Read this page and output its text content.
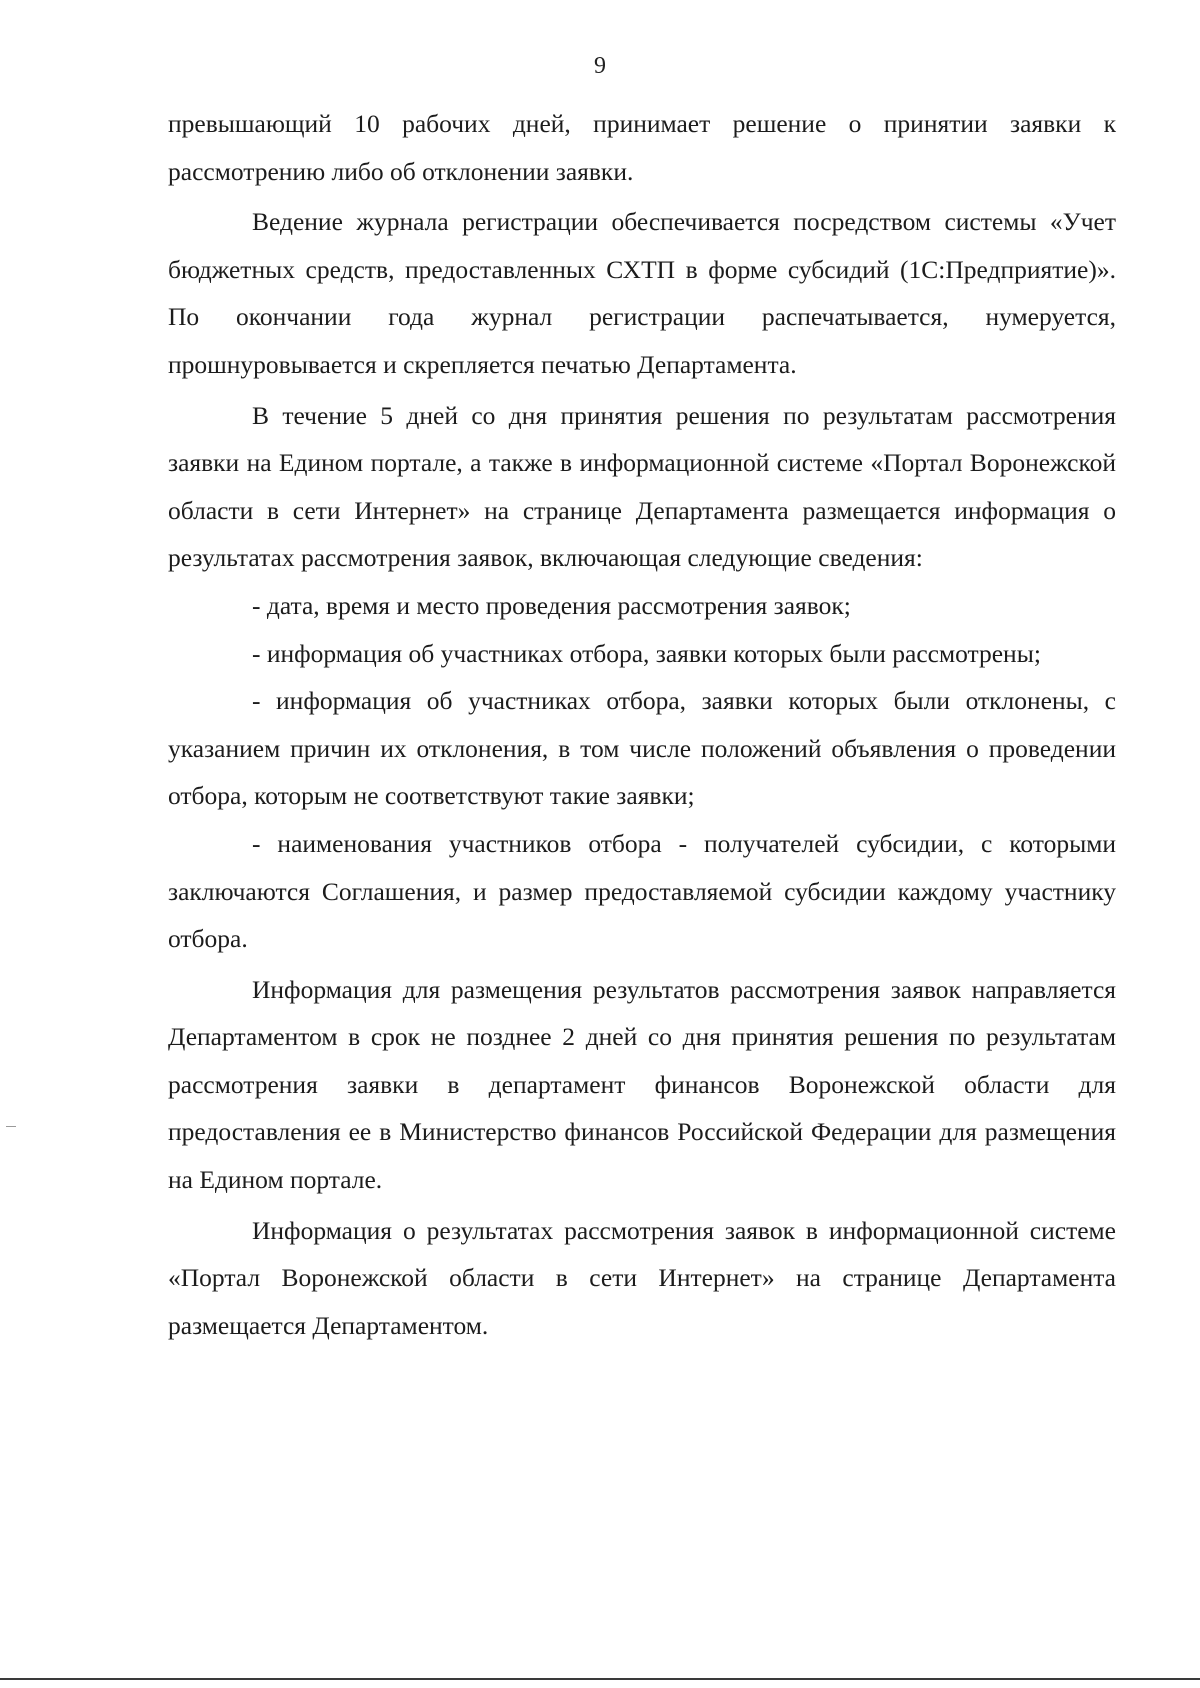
9

превышающий 10 рабочих дней, принимает решение о принятии заявки к рассмотрению либо об отклонении заявки.

Ведение журнала регистрации обеспечивается посредством системы «Учет бюджетных средств, предоставленных СХТП в форме субсидий (1С:Предприятие)». По окончании года журнал регистрации распечатывается, нумеруется, прошнуровывается и скрепляется печатью Департамента.

В течение 5 дней со дня принятия решения по результатам рассмотрения заявки на Едином портале, а также в информационной системе «Портал Воронежской области в сети Интернет» на странице Департамента размещается информация о результатах рассмотрения заявок, включающая следующие сведения:

- дата, время и место проведения рассмотрения заявок;

- информация об участниках отбора, заявки которых были рассмотрены;

- информация об участниках отбора, заявки которых были отклонены, с указанием причин их отклонения, в том числе положений объявления о проведении отбора, которым не соответствуют такие заявки;

- наименования участников отбора - получателей субсидии, с которыми заключаются Соглашения, и размер предоставляемой субсидии каждому участнику отбора.

Информация для размещения результатов рассмотрения заявок направляется Департаментом в срок не позднее 2 дней со дня принятия решения по результатам рассмотрения заявки в департамент финансов Воронежской области для предоставления ее в Министерство финансов Российской Федерации для размещения на Едином портале.

Информация о результатах рассмотрения заявок в информационной системе «Портал Воронежской области в сети Интернет» на странице Департамента размещается Департаментом.
